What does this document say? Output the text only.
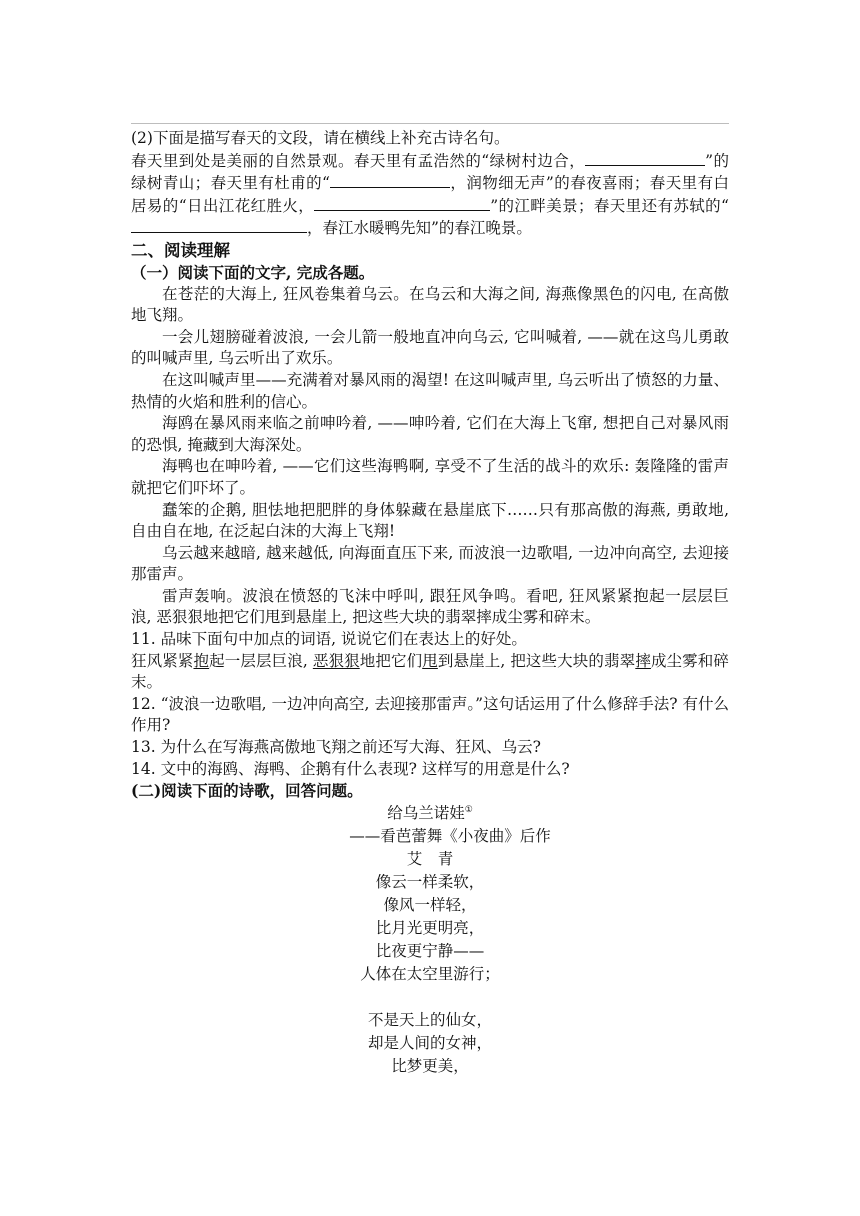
(2)下面是描写春天的文段，请在横线上补充古诗名句。

春天里到处是美丽的自然景观。春天里有孟浩然的“绿树村边合，	”的绿树青山；春天里有杜甫的“	，润物细无声”的春夜喜雨；春天里有白居易的“日出江花红胜火，	”的江畔美景；春天里还有苏轼的“，春江水暖鸭先知”的春江晚景。

二、阅读理解

（一）阅读下面的文字, 完成各题。

在苍茫的大海上, 狂风卷集着乌云。在乌云和大海之间, 海燕像黑色的闪电, 在高傲地飞翔。

一会儿翅膀碰着波浪, 一会儿箭一般地直冲向乌云, 它叫喊着, ——就在这鸟儿勇敢的叫喊声里, 乌云听出了欢乐。

在这叫喊声里——充满着对暴风雨的渴望! 在这叫喊声里, 乌云听出了愤怒的力量、热情的火焰和胜利的信心。

海鸥在暴风雨来临之前呻吟着, ——呻吟着, 它们在大海上飞窜, 想把自己对暴风雨的恐惧, 掩藏到大海深处。

海鸭也在呻吟着, ——它们这些海鸭啊, 享受不了生活的战斗的欢乐: 轰隆隆的雷声就把它们吓坏了。

蠢笨的企鹅, 胆怯地把肥胖的身体躲藏在悬崖底下……只有那高傲的海燕, 勇敢地, 自由自在地, 在泛起白沫的大海上飞翔!

乌云越来越暗, 越来越低, 向海面直压下来, 而波浪一边歌唱, 一边冲向高空, 去迎接那雷声。

雷声轰响。波浪在愤怒的飞沫中呼叫, 跟狂风争鸣。看吧, 狂风紧紧抱起一层层巨浪, 恶狠狠地把它们甩到悬崖上, 把这些大块的翡翠摔成尘雾和碎末。

11. 品味下面句中加点的词语, 说说它们在表达上的好处。

狂风紧紧抱起一层层巨浪, 恶狠狠地把它们甩到悬崖上, 把这些大块的翡翠摔成尘雾和碎末。

12. “波浪一边歌唱, 一边冲向高空, 去迎接那雷声。”这句话运用了什么修辞手法? 有什么作用?

13. 为什么在写海燕高傲地飞翔之前还写大海、狂风、乌云?

14. 文中的海鸥、海鸭、企鹅有什么表现? 这样写的用意是什么?

(二)阅读下面的诗歌，回答问题。

给乌兰诺娃①
——看芭蕾舞《小夜曲》后作
艾　青
像云一样柔软，
像风一样轻，
比月光更明亮，
比夜更宁静——
人体在太空里游行；
不是天上的仙女，
却是人间的女神，
比梦更美，
